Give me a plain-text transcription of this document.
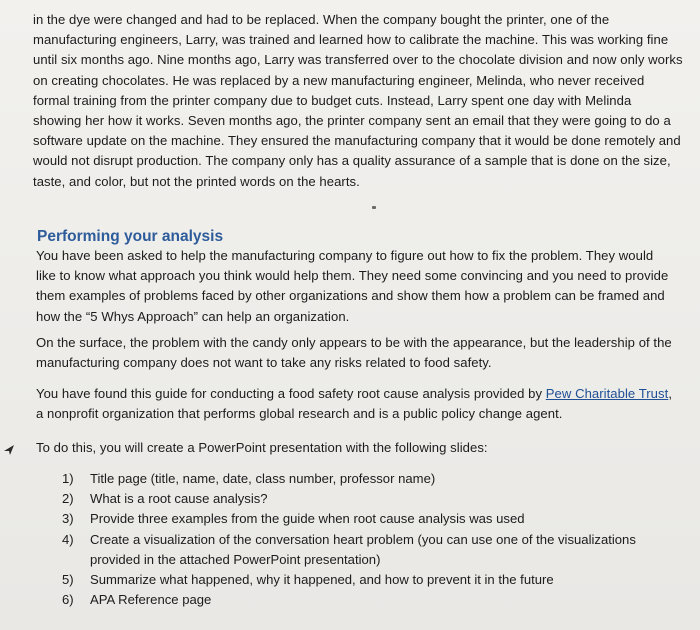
in the dye were changed and had to be replaced. When the company bought the printer, one of the manufacturing engineers, Larry, was trained and learned how to calibrate the machine. This was working fine until six months ago. Nine months ago, Larry was transferred over to the chocolate division and now only works on creating chocolates. He was replaced by a new manufacturing engineer, Melinda, who never received formal training from the printer company due to budget cuts. Instead, Larry spent one day with Melinda showing her how it works. Seven months ago, the printer company sent an email that they were going to do a software update on the machine. They ensured the manufacturing company that it would be done remotely and would not disrupt production. The company only has a quality assurance of a sample that is done on the size, taste, and color, but not the printed words on the hearts.

Performing your analysis

You have been asked to help the manufacturing company to figure out how to fix the problem. They would like to know what approach you think would help them. They need some convincing and you need to provide them examples of problems faced by other organizations and show them how a problem can be framed and how the “5 Whys Approach” can help an organization.

On the surface, the problem with the candy only appears to be with the appearance, but the leadership of the manufacturing company does not want to take any risks related to food safety.

You have found this guide for conducting a food safety root cause analysis provided by Pew Charitable Trust, a nonprofit organization that performs global research and is a public policy change agent.

To do this, you will create a PowerPoint presentation with the following slides:

1)	Title page (title, name, date, class number, professor name)
2)	What is a root cause analysis?
3)	Provide three examples from the guide when root cause analysis was used
4)	Create a visualization of the conversation heart problem (you can use one of the visualizations provided in the attached PowerPoint presentation)
5)	Summarize what happened, why it happened, and how to prevent it in the future
6)	APA Reference page
